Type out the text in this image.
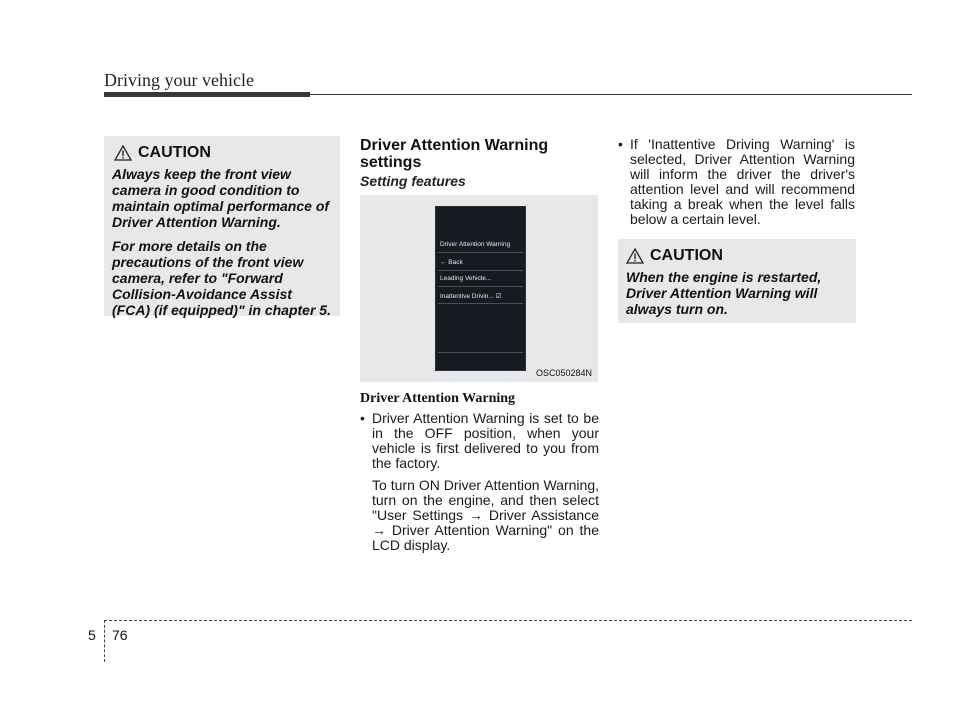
Driving your vehicle
CAUTION

Always keep the front view camera in good condition to maintain optimal performance of Driver Attention Warning.

For more details on the precautions of the front view camera, refer to "Forward Collision-Avoidance Assist (FCA) (if equipped)" in chapter 5.

Driver Attention Warning settings
Setting features
Driver Attention Warning
← Back
Leading Vehicle...
Inattentive Drivin... ☑
OSC050284N
Driver Attention Warning
• Driver Attention Warning is set to be in the OFF position, when your vehicle is first delivered to you from the factory.
To turn ON Driver Attention Warning, turn on the engine, and then select "User Settings → Driver Assistance → Driver Attention Warning" on the LCD display.
• If 'Inattentive Driving Warning' is selected, Driver Attention Warning will inform the driver the driver's attention level and will recommend taking a break when the level falls below a certain level.
CAUTION

When the engine is restarted, Driver Attention Warning will always turn on.

5 76
